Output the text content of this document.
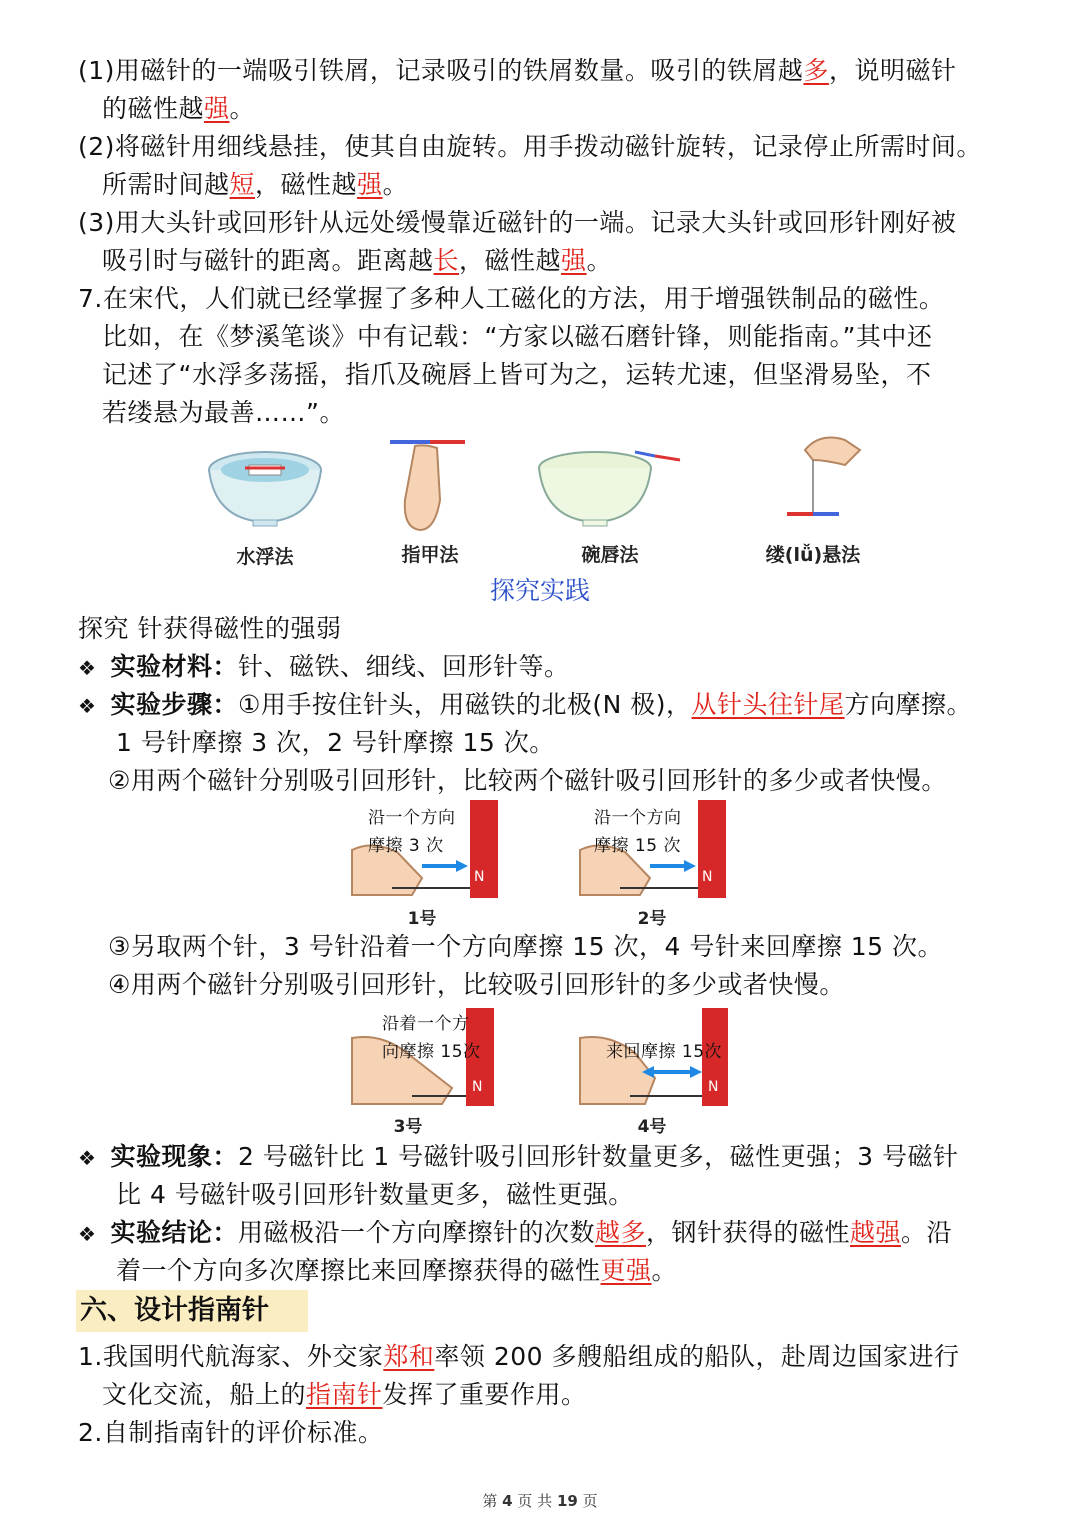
(1)用磁针的一端吸引铁屑，记录吸引的铁屑数量。吸引的铁屑越多，说明磁针
的磁性越强。
(2)将磁针用细线悬挂，使其自由旋转。用手拨动磁针旋转，记录停止所需时间。
所需时间越短，磁性越强。
(3)用大头针或回形针从远处缓慢靠近磁针的一端。记录大头针或回形针刚好被
吸引时与磁针的距离。距离越长，磁性越强。
7.在宋代，人们就已经掌握了多种人工磁化的方法，用于增强铁制品的磁性。
比如，在《梦溪笔谈》中有记载：“方家以磁石磨针锋，则能指南。”其中还
记述了“水浮多荡摇，指爪及碗唇上皆可为之，运转尤速，但坚滑易坠，不
若缕悬为最善……”。
水浮法	指甲法	碗唇法	缕(lǚ)悬法
探究实践
探究 针获得磁性的强弱
❖ 实验材料：针、磁铁、细线、回形针等。
❖ 实验步骤：①用手按住针头，用磁铁的北极(N 极)，从针头往针尾方向摩擦。
1 号针摩擦 3 次，2 号针摩擦 15 次。
②用两个磁针分别吸引回形针，比较两个磁针吸引回形针的多少或者快慢。
沿一个方向
摩擦 3 次
N
1号
沿一个方向
摩擦 15 次
N
2号
③另取两个针，3 号针沿着一个方向摩擦 15 次，4 号针来回摩擦 15 次。
④用两个磁针分别吸引回形针，比较吸引回形针的多少或者快慢。
沿着一个方
向摩擦 15次
N
3号
来回摩擦 15次
N
4号
❖ 实验现象：2 号磁针比 1 号磁针吸引回形针数量更多，磁性更强；3 号磁针
比 4 号磁针吸引回形针数量更多，磁性更强。
❖ 实验结论：用磁极沿一个方向摩擦针的次数越多，钢针获得的磁性越强。沿
着一个方向多次摩擦比来回摩擦获得的磁性更强。
六、设计指南针
1.我国明代航海家、外交家郑和率领 200 多艘船组成的船队，赴周边国家进行
文化交流，船上的指南针发挥了重要作用。
2.自制指南针的评价标准。
第 4 页 共 19 页
